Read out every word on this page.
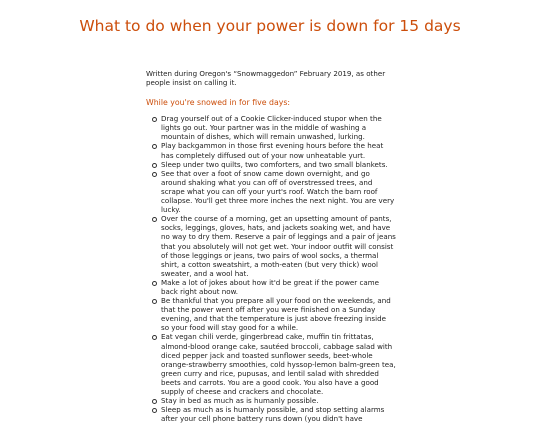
What to do when your power is down for 15 days

Written during Oregon's “Snowmaggedon” February 2019, as other people insist on calling it.

While you're snowed in for five days:
Drag yourself out of a Cookie Clicker-induced stupor when the lights go out. Your partner was in the middle of washing a mountain of dishes, which will remain unwashed, lurking.
Play backgammon in those first evening hours before the heat has completely diffused out of your now unheatable yurt.
Sleep under two quilts, two comforters, and two small blankets.
See that over a foot of snow came down overnight, and go around shaking what you can off of overstressed trees, and scrape what you can off your yurt's roof. Watch the barn roof collapse. You'll get three more inches the next night. You are very lucky.
Over the course of a morning, get an upsetting amount of pants, socks, leggings, gloves, hats, and jackets soaking wet, and have no way to dry them. Reserve a pair of leggings and a pair of jeans that you absolutely will not get wet. Your indoor outfit will consist of those leggings or jeans, two pairs of wool socks, a thermal shirt, a cotton sweatshirt, a moth-eaten (but very thick) wool sweater, and a wool hat.
Make a lot of jokes about how it'd be great if the power came back right about now.
Be thankful that you prepare all your food on the weekends, and that the power went off after you were finished on a Sunday evening, and that the temperature is just above freezing inside so your food will stay good for a while.
Eat vegan chili verde, gingerbread cake, muffin tin frittatas, almond-blood orange cake, sautéed broccoli, cabbage salad with diced pepper jack and toasted sunflower seeds, beet-whole orange-strawberry smoothies, cold hyssop-lemon balm-green tea, green curry and rice, pupusas, and lentil salad with shredded beets and carrots. You are a good cook. You also have a good supply of cheese and crackers and chocolate.
Stay in bed as much as is humanly possible.
Sleep as much as is humanly possible, and stop setting alarms after your cell phone battery runs down (you didn't have
